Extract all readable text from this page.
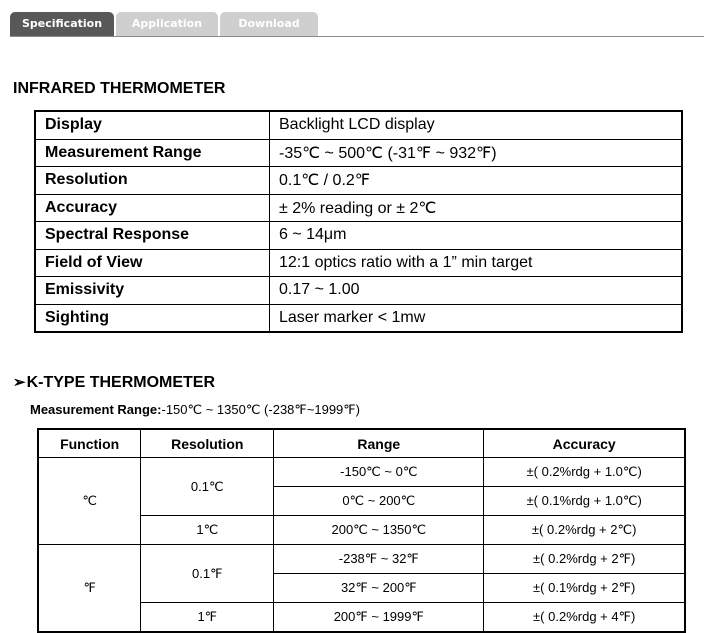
Specification	Application	Download
INFRARED THERMOMETER
Display	Backlight LCD display
Measurement Range	-35℃ ~ 500℃ (-31℉ ~ 932℉)
Resolution	0.1℃ / 0.2℉
Accuracy	± 2% reading or ± 2℃
Spectral Response	6 ~ 14μm
Field of View	12:1 optics ratio with a 1” min target
Emissivity	0.17 ~ 1.00
Sighting	Laser marker < 1mw
➢K-TYPE THERMOMETER
Measurement Range:-150℃ ~ 1350℃ (-238℉~1999℉)
Function	Resolution	Range	Accuracy
℃	0.1℃	-150℃ ~ 0℃	±( 0.2%rdg + 1.0℃)
		0℃ ~ 200℃	±( 0.1%rdg + 1.0℃)
	1℃	200℃ ~ 1350℃	±( 0.2%rdg + 2℃)
℉	0.1℉	-238℉ ~ 32℉	±( 0.2%rdg + 2℉)
		32℉ ~ 200℉	±( 0.1%rdg + 2℉)
	1℉	200℉ ~ 1999℉	±( 0.2%rdg + 4℉)
